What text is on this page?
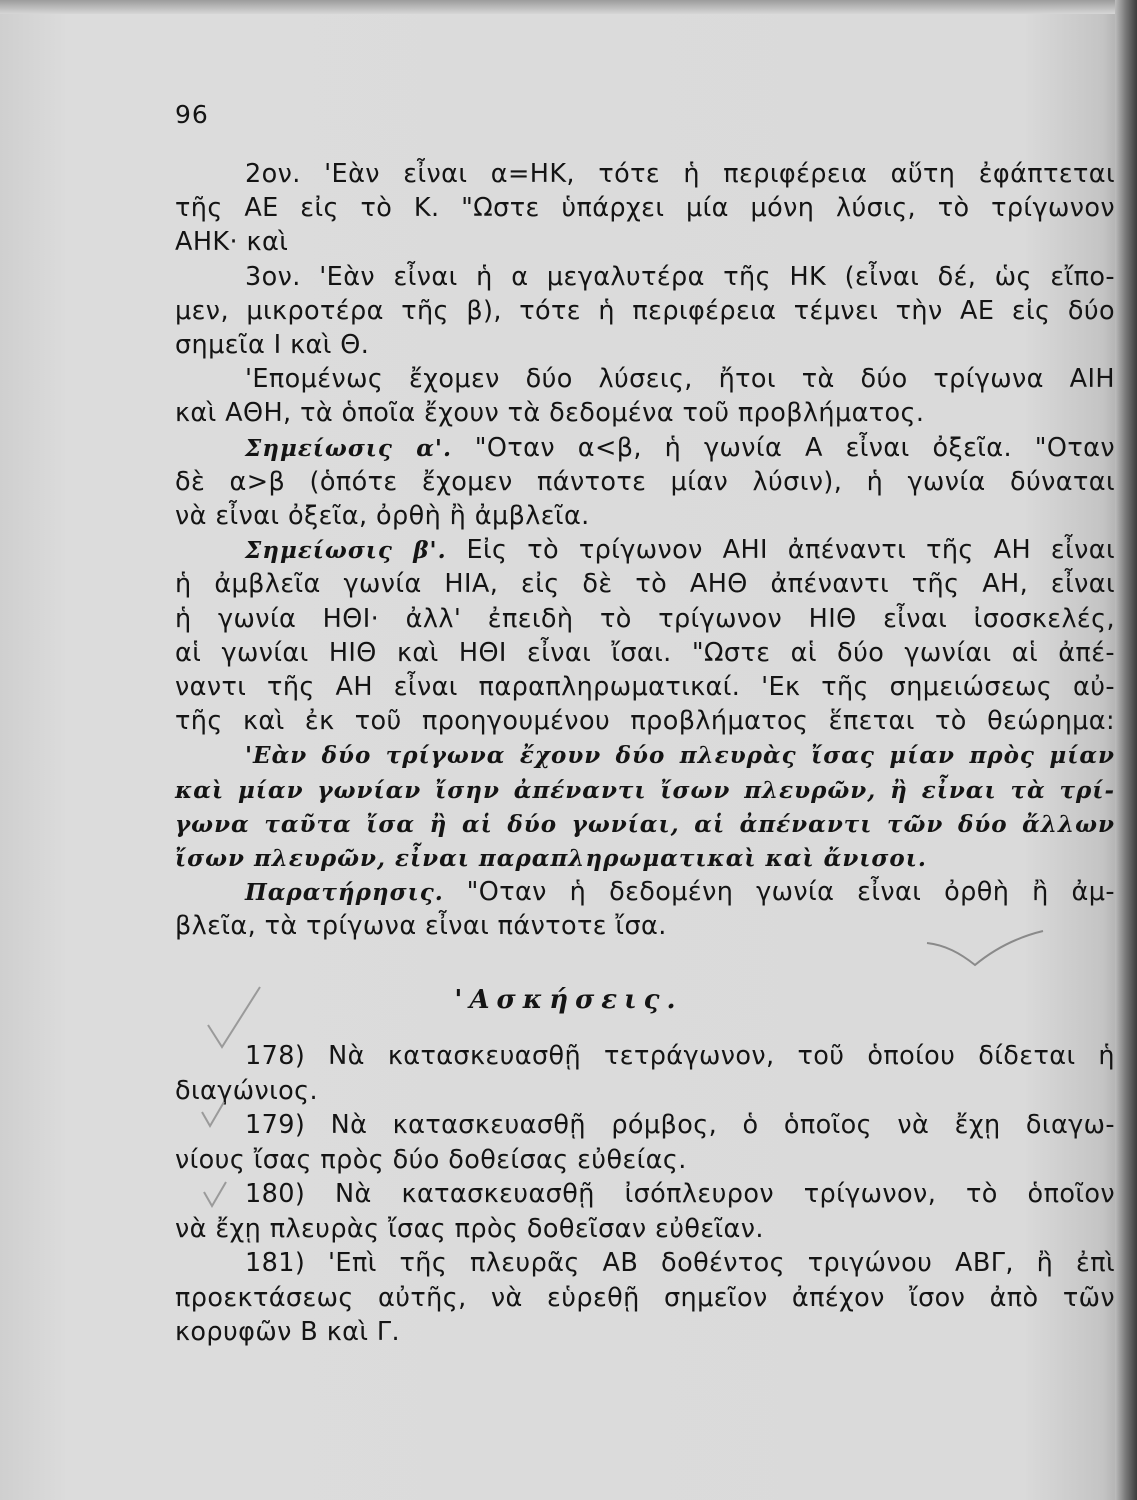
96
2ον. 'Εὰν εἶναι α=ΗΚ, τότε ἡ περιφέρεια αὕτη ἐφάπτεται
τῆς ΑΕ εἰς τὸ Κ. "Ωστε ὑπάρχει μία μόνη λύσις, τὸ τρίγωνον
ΑΗΚ· καὶ
3ον. 'Εὰν εἶναι ἡ α μεγαλυτέρα τῆς ΗΚ (εἶναι δέ, ὡς εἴπο-
μεν, μικροτέρα τῆς β), τότε ἡ περιφέρεια τέμνει τὴν ΑΕ εἰς δύο
σημεῖα Ι καὶ Θ.
'Επομένως ἔχομεν δύο λύσεις, ἤτοι τὰ δύο τρίγωνα ΑΙΗ
καὶ ΑΘΗ, τὰ ὁποῖα ἔχουν τὰ δεδομένα τοῦ προβλήματος.
Σημείωσις α'. "Οταν α<β, ἡ γωνία Α εἶναι ὀξεῖα. "Οταν
δὲ α>β (ὁπότε ἔχομεν πάντοτε μίαν λύσιν), ἡ γωνία δύναται
νὰ εἶναι ὀξεῖα, ὀρθὴ ἢ ἀμβλεῖα.
Σημείωσις β'. Εἰς τὸ τρίγωνον ΑΗΙ ἀπέναντι τῆς ΑΗ εἶναι
ἡ ἀμβλεῖα γωνία ΗΙΑ, εἰς δὲ τὸ ΑΗΘ ἀπέναντι τῆς ΑΗ, εἶναι
ἡ γωνία ΗΘΙ· ἀλλ' ἐπειδὴ τὸ τρίγωνον ΗΙΘ εἶναι ἰσοσκελές,
αἱ γωνίαι ΗΙΘ καὶ ΗΘΙ εἶναι ἴσαι. "Ωστε αἱ δύο γωνίαι αἱ ἀπέ-
ναντι τῆς ΑΗ εἶναι παραπληρωματικαί. 'Εκ τῆς σημειώσεως αὐ-
τῆς καὶ ἐκ τοῦ προηγουμένου προβλήματος ἕπεται τὸ θεώρημα:
'Εὰν δύο τρίγωνα ἔχουν δύο πλευρὰς ἴσας μίαν πρὸς μίαν
καὶ μίαν γωνίαν ἴσην ἀπέναντι ἴσων πλευρῶν, ἢ εἶναι τὰ τρί-
γωνα ταῦτα ἴσα ἢ αἱ δύο γωνίαι, αἱ ἀπέναντι τῶν δύο ἄλλων
ἴσων πλευρῶν, εἶναι παραπληρωματικαὶ καὶ ἄνισοι.
Παρατήρησις. "Οταν ἡ δεδομένη γωνία εἶναι ὀρθὴ ἢ ἀμ-
βλεῖα, τὰ τρίγωνα εἶναι πάντοτε ἴσα.
'Ασκήσεις.
178) Νὰ κατασκευασθῇ τετράγωνον, τοῦ ὁποίου δίδεται ἡ
διαγώνιος.
179) Νὰ κατασκευασθῇ ρόμβος, ὁ ὁποῖος νὰ ἔχῃ διαγω-
νίους ἴσας πρὸς δύο δοθείσας εὐθείας.
180) Νὰ κατασκευασθῇ ἰσόπλευρον τρίγωνον, τὸ ὁποῖον
νὰ ἔχῃ πλευρὰς ἴσας πρὸς δοθεῖσαν εὐθεῖαν.
181) 'Επὶ τῆς πλευρᾶς ΑΒ δοθέντος τριγώνου ΑΒΓ, ἢ ἐπὶ
προεκτάσεως αὐτῆς, νὰ εὑρεθῇ σημεῖον ἀπέχον ἴσον ἀπὸ τῶν
κορυφῶν Β καὶ Γ.
